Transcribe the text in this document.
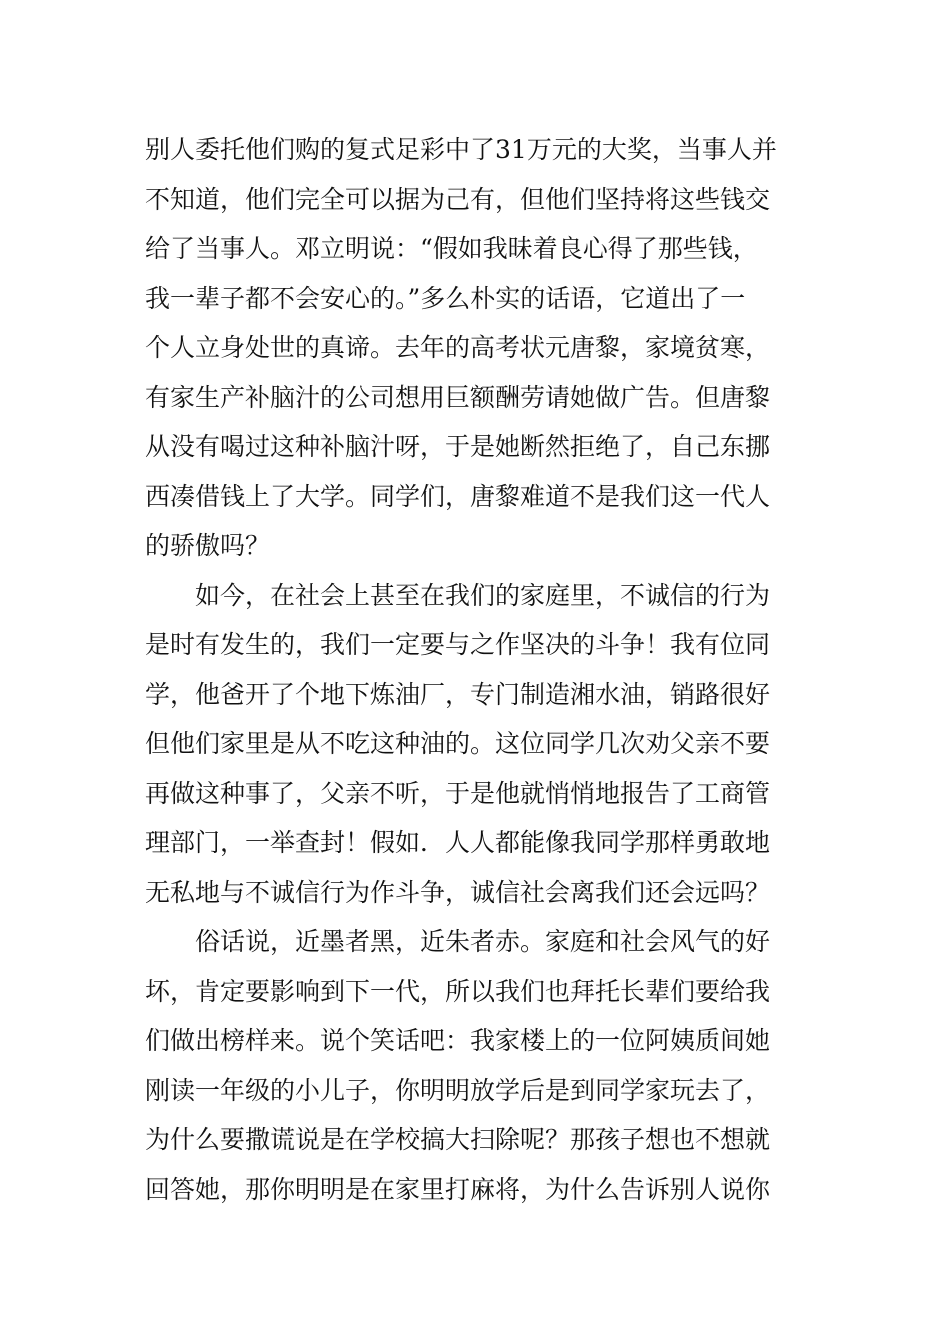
别人委托他们购的复式足彩中了31万元的大奖，当事人并
不知道，他们完全可以据为己有，但他们坚持将这些钱交
给了当事人。邓立明说：“假如我昧着良心得了那些钱，
我一辈子都不会安心的。”多么朴实的话语，它道出了一
个人立身处世的真谛。去年的高考状元唐黎，家境贫寒，
有家生产补脑汁的公司想用巨额酬劳请她做广告。但唐黎
从没有喝过这种补脑汁呀，于是她断然拒绝了，自己东挪
西凑借钱上了大学。同学们，唐黎难道不是我们这一代人
的骄傲吗？
如今，在社会上甚至在我们的家庭里，不诚信的行为
是时有发生的，我们一定要与之作坚决的斗争！我有位同
学，他爸开了个地下炼油厂，专门制造湘水油，销路很好
但他们家里是从不吃这种油的。这位同学几次劝父亲不要
再做这种事了，父亲不听，于是他就悄悄地报告了工商管
理部门，一举查封！假如．人人都能像我同学那样勇敢地
无私地与不诚信行为作斗争，诚信社会离我们还会远吗？
俗话说，近墨者黑，近朱者赤。家庭和社会风气的好
坏，肯定要影响到下一代，所以我们也拜托长辈们要给我
们做出榜样来。说个笑话吧：我家楼上的一位阿姨质间她
刚读一年级的小儿子，你明明放学后是到同学家玩去了，
为什么要撒谎说是在学校搞大扫除呢？那孩子想也不想就
回答她，那你明明是在家里打麻将，为什么告诉别人说你
